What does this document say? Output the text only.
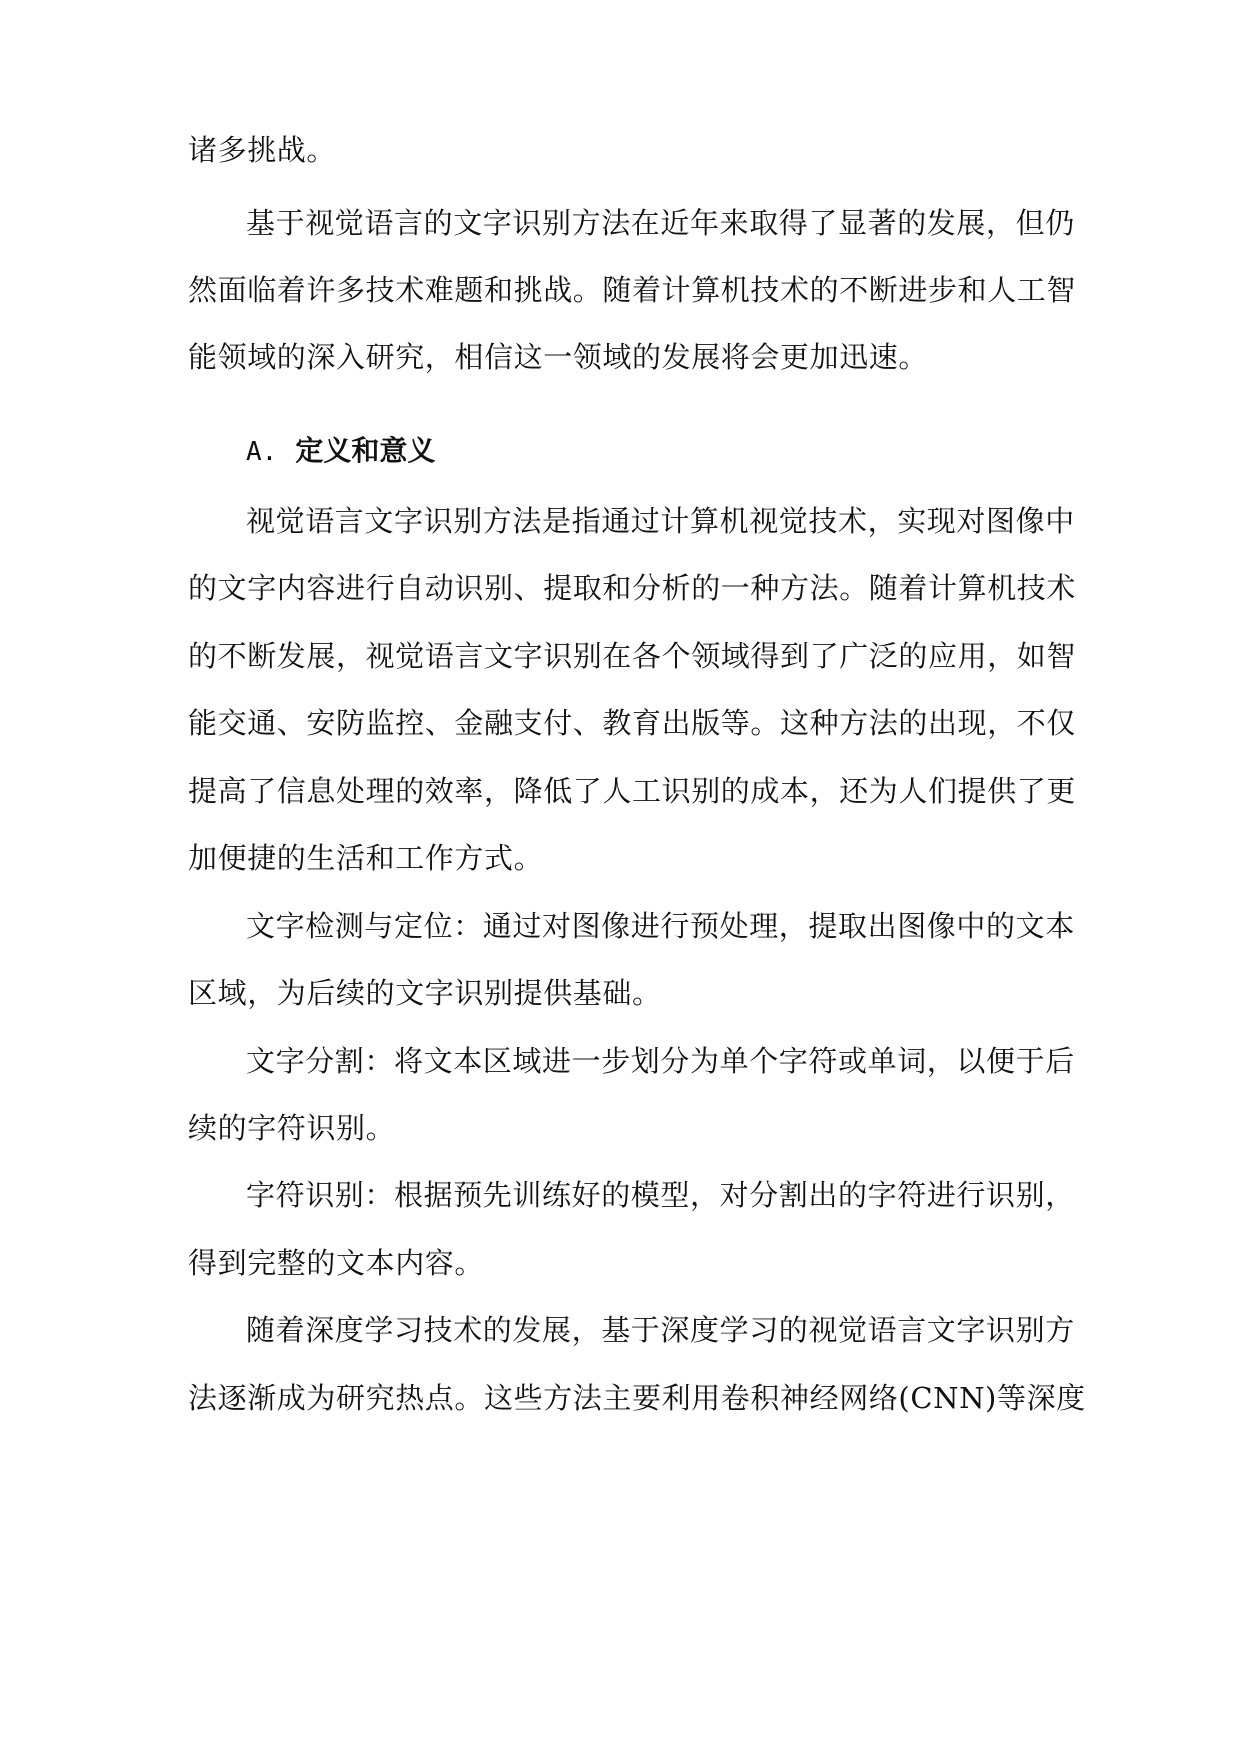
诸多挑战。
基于视觉语言的文字识别方法在近年来取得了显著的发展，但仍
然面临着许多技术难题和挑战。随着计算机技术的不断进步和人工智
能领域的深入研究，相信这一领域的发展将会更加迅速。
A. 定义和意义
视觉语言文字识别方法是指通过计算机视觉技术，实现对图像中
的文字内容进行自动识别、提取和分析的一种方法。随着计算机技术
的不断发展，视觉语言文字识别在各个领域得到了广泛的应用，如智
能交通、安防监控、金融支付、教育出版等。这种方法的出现，不仅
提高了信息处理的效率，降低了人工识别的成本，还为人们提供了更
加便捷的生活和工作方式。
文字检测与定位：通过对图像进行预处理，提取出图像中的文本
区域，为后续的文字识别提供基础。
文字分割：将文本区域进一步划分为单个字符或单词，以便于后
续的字符识别。
字符识别：根据预先训练好的模型，对分割出的字符进行识别，
得到完整的文本内容。
随着深度学习技术的发展，基于深度学习的视觉语言文字识别方
法逐渐成为研究热点。这些方法主要利用卷积神经网络(CNN)等深度
